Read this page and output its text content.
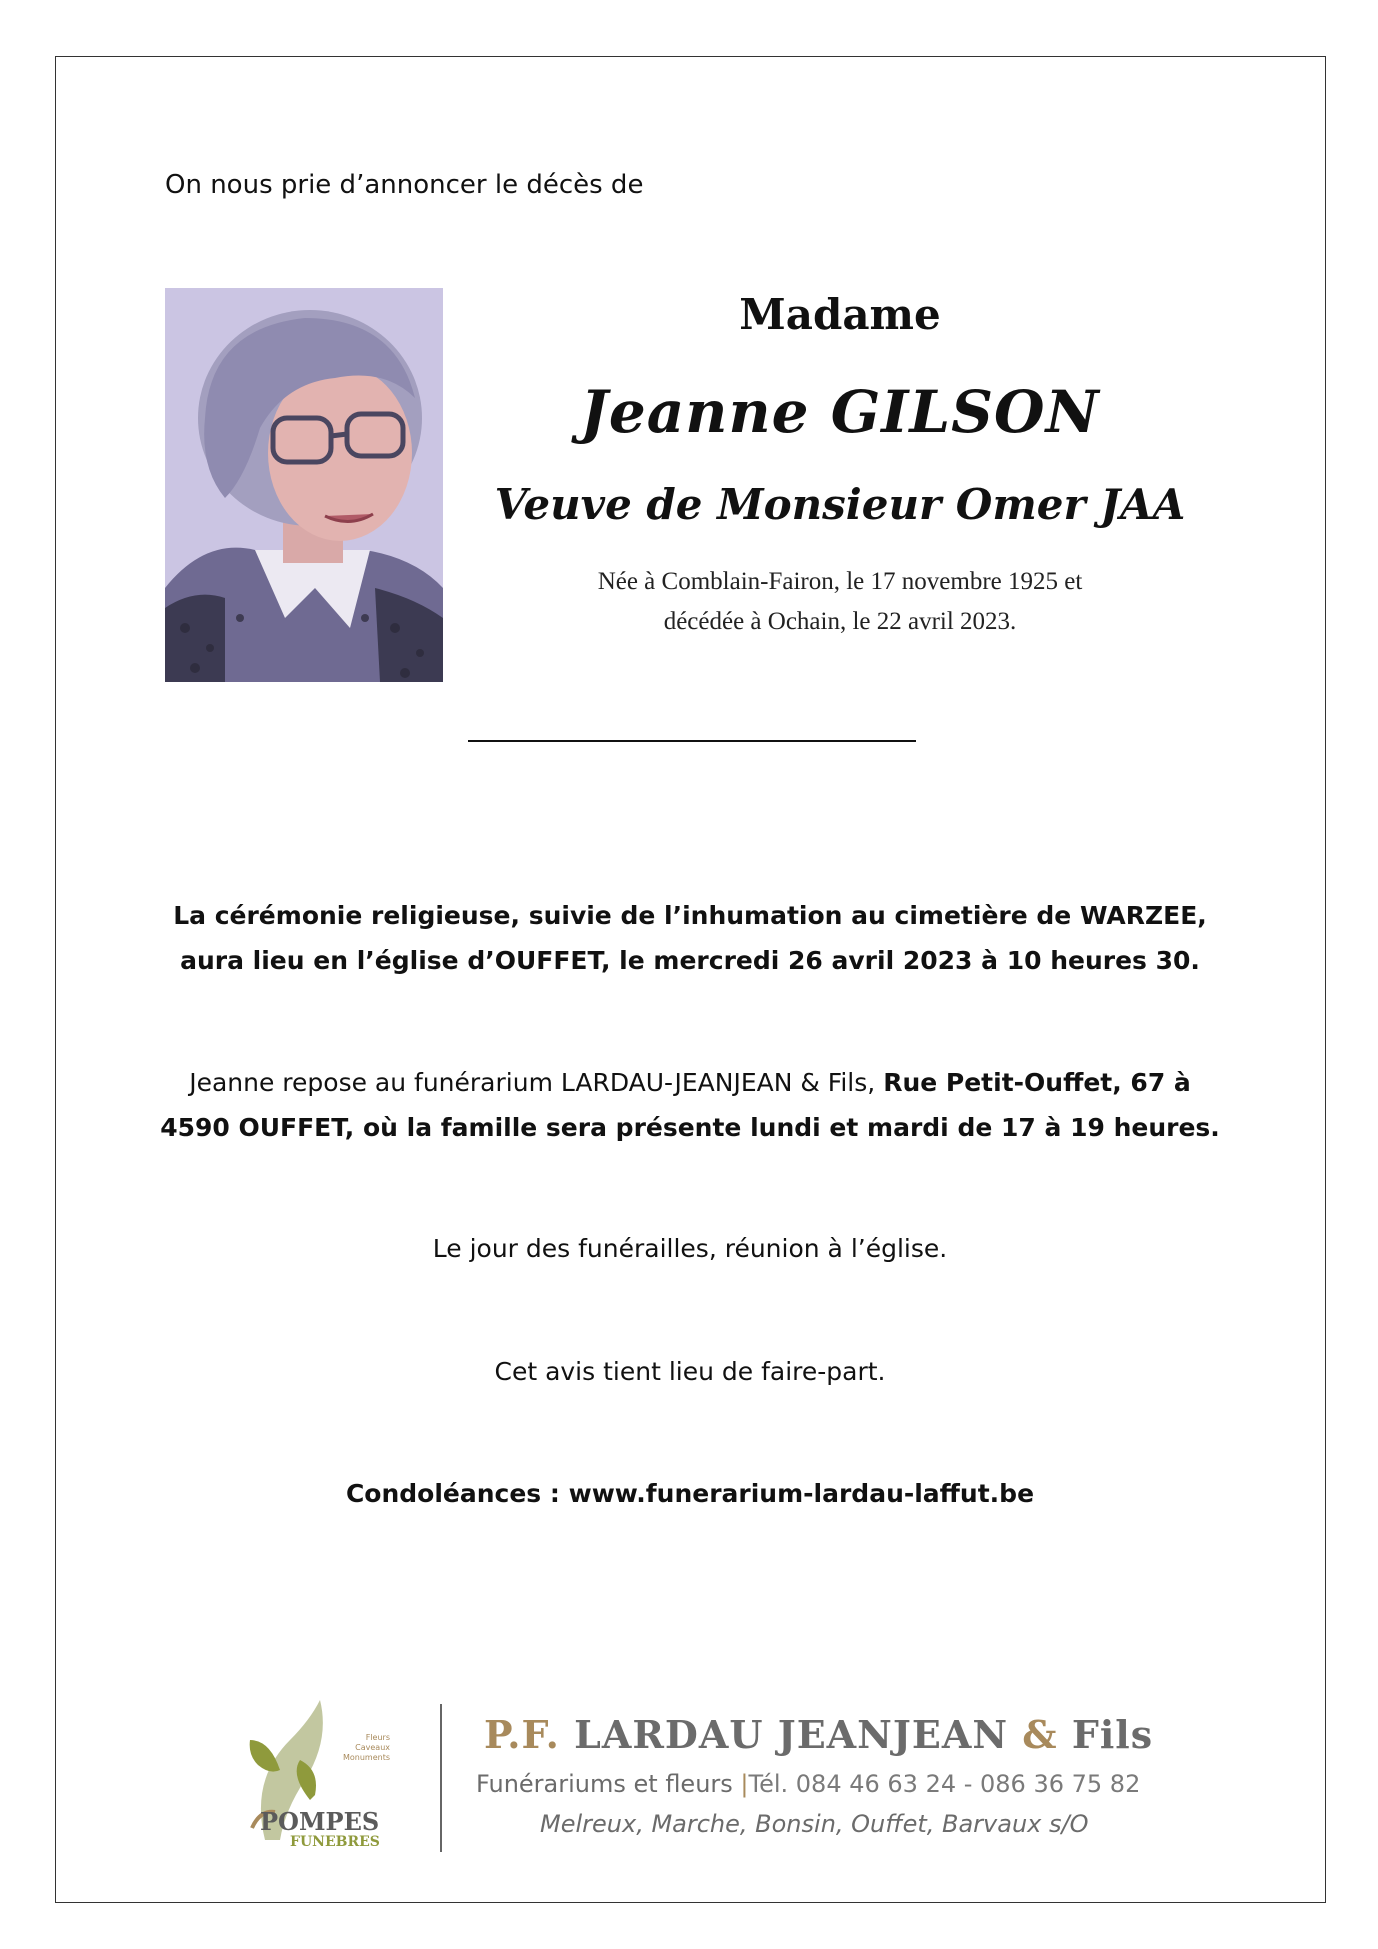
On nous prie d’annoncer le décès de
Madame
Jeanne GILSON
Veuve de Monsieur Omer JAA
Née à Comblain-Fairon, le 17 novembre 1925 et
décédée à Ochain, le 22 avril 2023.
La cérémonie religieuse, suivie de l’inhumation au cimetière de WARZEE,
aura lieu en l’église d’OUFFET, le mercredi 26 avril 2023 à 10 heures 30.
Jeanne repose au funérarium LARDAU-JEANJEAN & Fils, Rue Petit-Ouffet, 67 à
4590 OUFFET, où la famille sera présente lundi et mardi de 17 à 19 heures.
Le jour des funérailles, réunion à l’église.
Cet avis tient lieu de faire-part.
Condoléances : www.funerarium-lardau-laffut.be
Fleurs
Caveaux
Monuments
POMPES
FUNEBRES
P.F. LARDAU JEANJEAN & Fils
Funérariums et fleurs |Tél. 084 46 63 24 - 086 36 75 82
Melreux, Marche, Bonsin, Ouffet, Barvaux s/O
